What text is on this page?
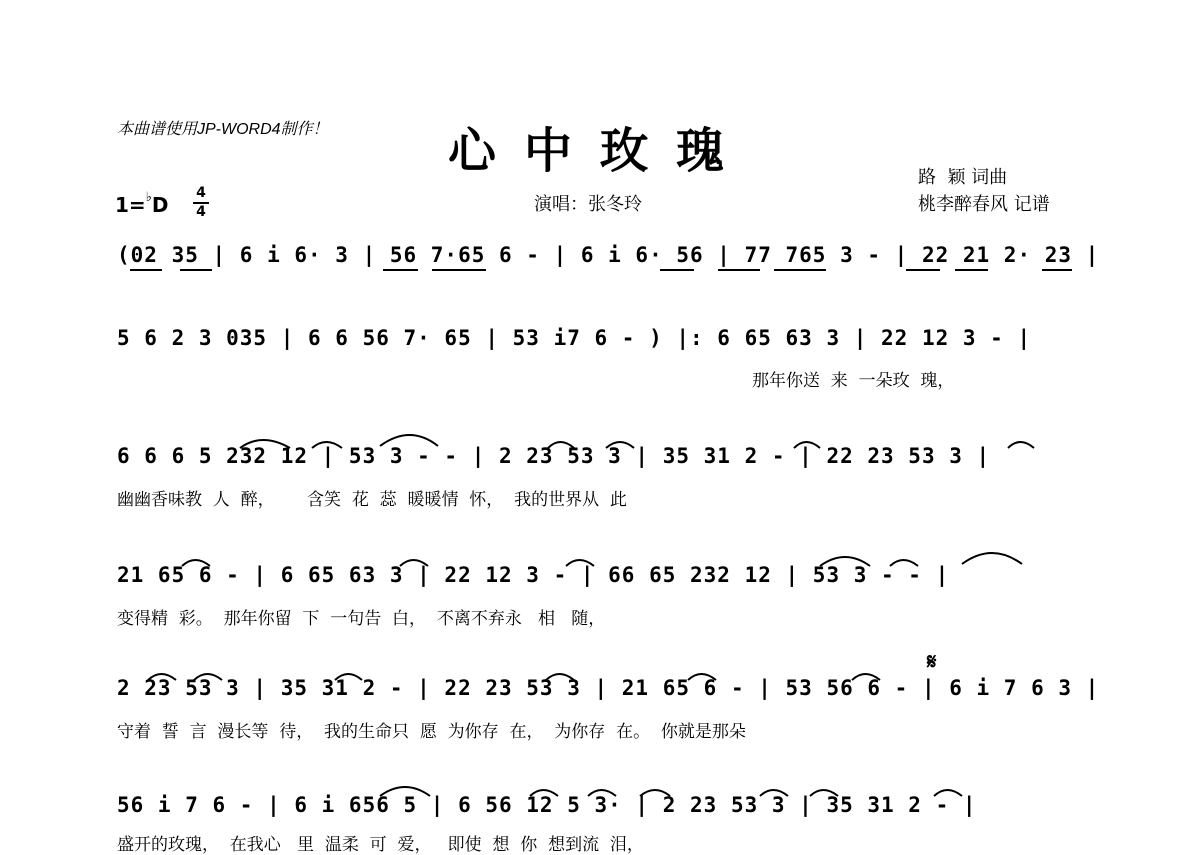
本曲谱使用JP-WORD4制作！	心中玫瑰	路  颖 词曲
桃李醉春风 记谱
演唱：张冬玲
1=♭D 4
4
(02 35 | 6 i 6· 3 | 56 7·65 6 - | 6 i 6· 56 | 77 765 3 - | 22 21 2· 23 |
5 6 2 3 035 | 6 6 56 7· 65 | 53 i7 6 - ) |: 6 65 63 3 | 22 12 3 - |
那年你送  来  一朵玫  瑰，
6 6 6 5 232 12 | 53 3 - - | 2 23 53 3 | 35 31 2 - | 22 23 53 3 |
幽幽香味教  人  醉，      含笑  花  蕊  暖暖情  怀，  我的世界从  此
21 65 6 - | 6 65 63 3 | 22 12 3 - | 66 65 232 12 | 53 3 - - |
变得精  彩。  那年你留  下  一句告  白，  不离不弃永   相   随，
𝄋
2 23 53 3 | 35 31 2 - | 22 23 53 3 | 21 65 6 - | 53 56 6 - | 6 i 7 6 3 |
守着  誓  言  漫长等  待，  我的生命只  愿  为你存  在，  为你存  在。  你就是那朵
56 i 7 6 - | 6 i 656 5 | 6 56 12 5 3· | 2 23 53 3 | 35 31 2 - |
盛开的玫瑰，  在我心   里  温柔  可  爱，   即使  想  你  想到流  泪，
